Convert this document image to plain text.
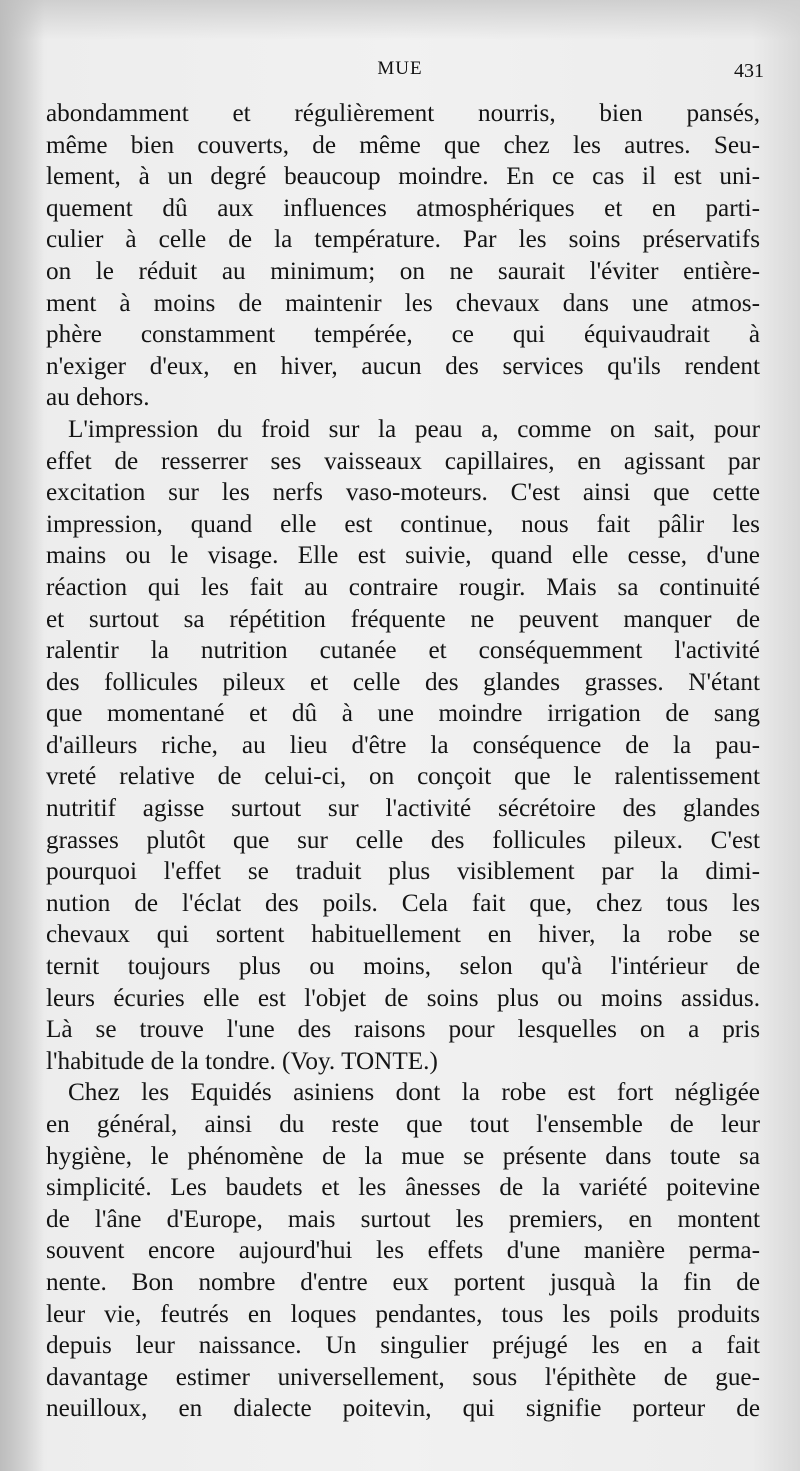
MUE	431
abondamment et régulièrement nourris, bien pansés,
même bien couverts, de même que chez les autres. Seu-
lement, à un degré beaucoup moindre. En ce cas il est uni-
quement dû aux influences atmosphériques et en parti-
culier à celle de la température. Par les soins préservatifs
on le réduit au minimum; on ne saurait l'éviter entière-
ment à moins de maintenir les chevaux dans une atmos-
phère constamment tempérée, ce qui équivaudrait à
n'exiger d'eux, en hiver, aucun des services qu'ils rendent
au dehors.
L'impression du froid sur la peau a, comme on sait, pour
effet de resserrer ses vaisseaux capillaires, en agissant par
excitation sur les nerfs vaso-moteurs. C'est ainsi que cette
impression, quand elle est continue, nous fait pâlir les
mains ou le visage. Elle est suivie, quand elle cesse, d'une
réaction qui les fait au contraire rougir. Mais sa continuité
et surtout sa répétition fréquente ne peuvent manquer de
ralentir la nutrition cutanée et conséquemment l'activité
des follicules pileux et celle des glandes grasses. N'étant
que momentané et dû à une moindre irrigation de sang
d'ailleurs riche, au lieu d'être la conséquence de la pau-
vreté relative de celui-ci, on conçoit que le ralentissement
nutritif agisse surtout sur l'activité sécrétoire des glandes
grasses plutôt que sur celle des follicules pileux. C'est
pourquoi l'effet se traduit plus visiblement par la dimi-
nution de l'éclat des poils. Cela fait que, chez tous les
chevaux qui sortent habituellement en hiver, la robe se
ternit toujours plus ou moins, selon qu'à l'intérieur de
leurs écuries elle est l'objet de soins plus ou moins assidus.
Là se trouve l'une des raisons pour lesquelles on a pris
l'habitude de la tondre. (Voy. TONTE.)
Chez les Equidés asiniens dont la robe est fort négligée
en général, ainsi du reste que tout l'ensemble de leur
hygiène, le phénomène de la mue se présente dans toute sa
simplicité. Les baudets et les ânesses de la variété poitevine
de l'âne d'Europe, mais surtout les premiers, en montent
souvent encore aujourd'hui les effets d'une manière perma-
nente. Bon nombre d'entre eux portent jusquà la fin de
leur vie, feutrés en loques pendantes, tous les poils produits
depuis leur naissance. Un singulier préjugé les en a fait
davantage estimer universellement, sous l'épithète de gue-
neuilloux, en dialecte poitevin, qui signifie porteur de
